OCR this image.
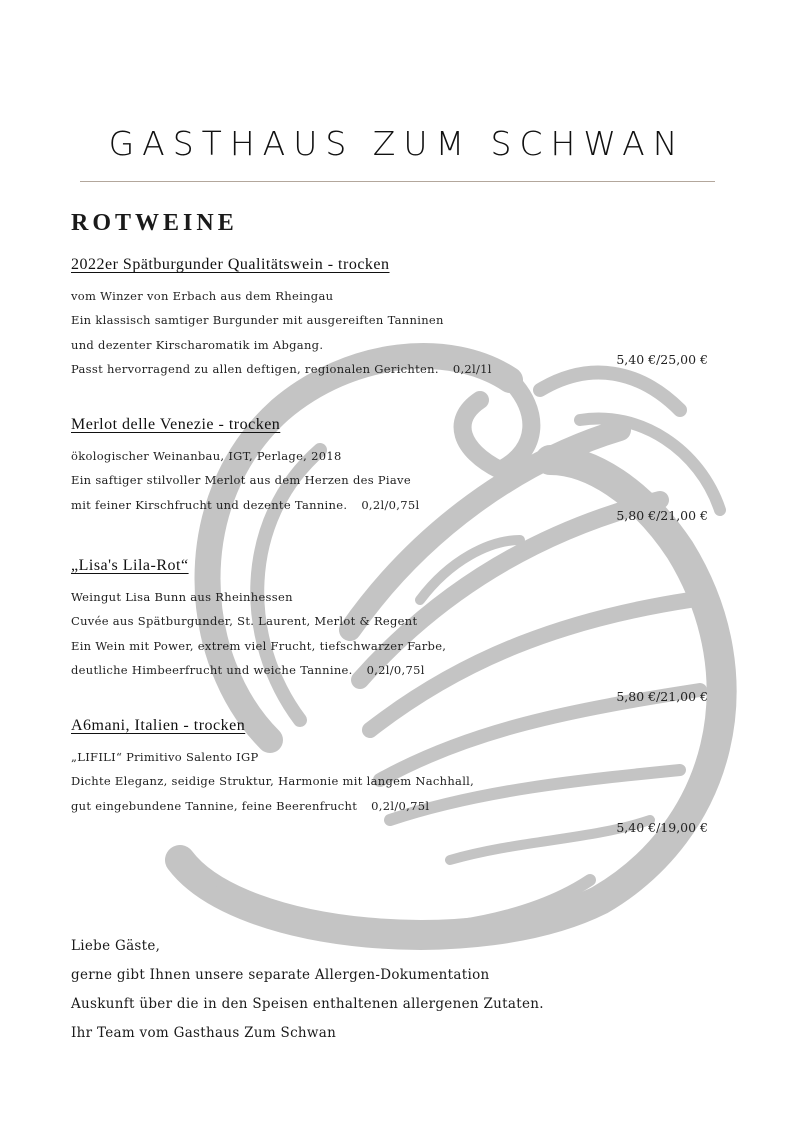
GASTHAUS ZUM SCHWAN
ROTWEINE
2022er Spätburgunder Qualitätswein - trocken
vom Winzer von Erbach aus dem Rheingau
Ein klassisch samtiger Burgunder mit ausgereiften Tanninen
und dezenter Kirscharomatik im Abgang.
Passt hervorragend zu allen deftigen, regionalen Gerichten. 0,2l/1l
5,40 €/25,00 €
Merlot delle Venezie - trocken
ökologischer Weinanbau, IGT, Perlage, 2018
Ein saftiger stilvoller Merlot aus dem Herzen des Piave
mit feiner Kirschfrucht und dezente Tannine. 0,2l/0,75l
5,80 €/21,00 €
„Lisa's Lila-Rot“
Weingut Lisa Bunn aus Rheinhessen
Cuvée aus Spätburgunder, St. Laurent, Merlot & Regent
Ein Wein mit Power, extrem viel Frucht, tiefschwarzer Farbe,
deutliche Himbeerfrucht und weiche Tannine. 0,2l/0,75l
5,80 €/21,00 €
A6mani, Italien - trocken
„LIFILI“ Primitivo Salento IGP
Dichte Eleganz, seidige Struktur, Harmonie mit langem Nachhall,
gut eingebundene Tannine, feine Beerenfrucht 0,2l/0,75l
5,40 €/19,00 €
Liebe Gäste,
gerne gibt Ihnen unsere separate Allergen-Dokumentation
Auskunft über die in den Speisen enthaltenen allergenen Zutaten.
Ihr Team vom Gasthaus Zum Schwan
